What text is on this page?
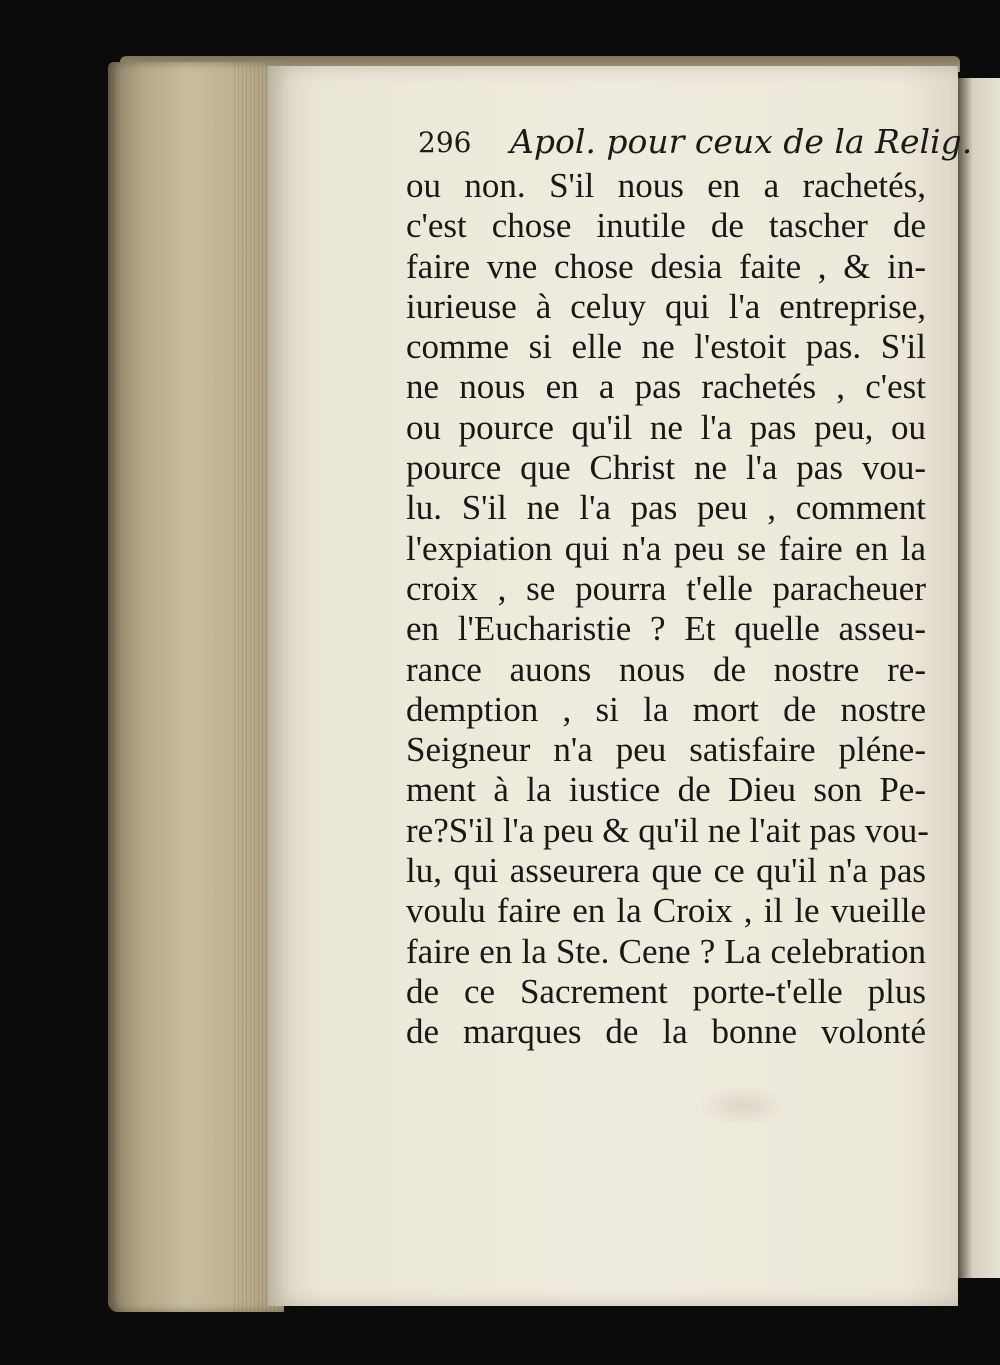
296 Apol. pour ceux de la Relig.
ou non. S'il nous en a rachetés,
c'est chose inutile de tascher de
faire vne chose desia faite , & in-
iurieuse à celuy qui l'a entreprise,
comme si elle ne l'estoit pas. S'il
ne nous en a pas rachetés , c'est
ou pource qu'il ne l'a pas peu, ou
pource que Christ ne l'a pas vou-
lu. S'il ne l'a pas peu , comment
l'expiation qui n'a peu se faire en la
croix , se pourra t'elle paracheuer
en l'Eucharistie ? Et quelle asseu-
rance auons nous de nostre re-
demption , si la mort de nostre
Seigneur n'a peu satisfaire pléne-
ment à la iustice de Dieu son Pe-
re?S'il l'a peu & qu'il ne l'ait pas vou-
lu, qui asseurera que ce qu'il n'a pas
voulu faire en la Croix , il le vueille
faire en la Ste. Cene ? La celebration
de ce Sacrement porte-t'elle plus
de marques de la bonne volonté
